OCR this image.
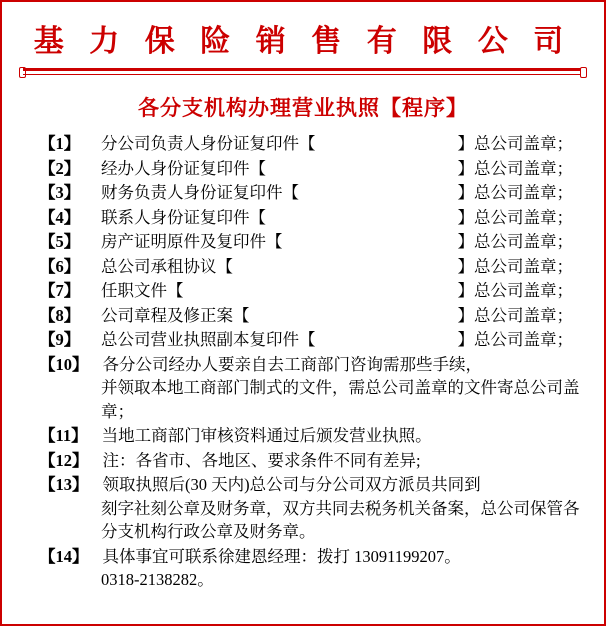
基 力 保 险 销 售 有 限 公 司
各分支机构办理营业执照【程序】
【1】	分公司负责人身份证复印件【	】总公司盖章；
【2】	经办人身份证复印件【	】总公司盖章；
【3】	财务负责人身份证复印件【	】总公司盖章；
【4】	联系人身份证复印件【	】总公司盖章；
【5】	房产证明原件及复印件【	】总公司盖章；
【6】	总公司承租协议【	】总公司盖章；
【7】	任职文件【	】总公司盖章；
【8】	公司章程及修正案【	】总公司盖章；
【9】	总公司营业执照副本复印件【	】总公司盖章；
【10】 各分公司经办人要亲自去工商部门咨询需那些手续，
并领取本地工商部门制式的文件，需总公司盖章的文件寄总公司盖章；
【11】 当地工商部门审核资料通过后颁发营业执照。
【12】 注：各省市、各地区、要求条件不同有差异;
【13】 领取执照后(30 天内)总公司与分公司双方派员共同到
刻字社刻公章及财务章，双方共同去税务机关备案，总公司保管各分支机构行政公章及财务章。
【14】 具体事宜可联系徐建恩经理：拨打 13091199207。
0318-2138282。
